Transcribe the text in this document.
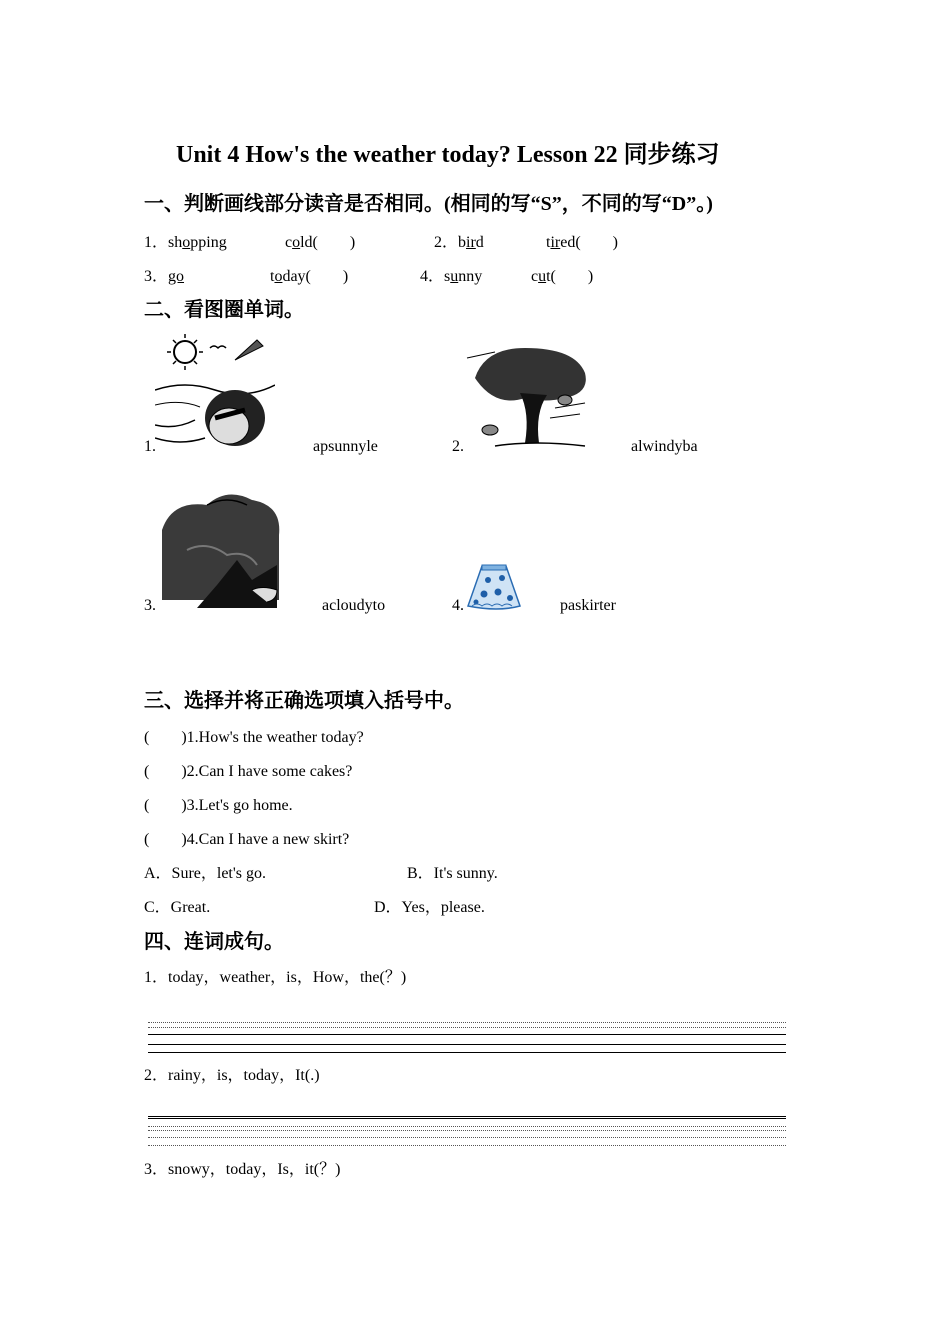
Unit 4 How's the weather today? Lesson 22 同步练习
一、判断画线部分读音是否相同。(相同的写“S”，不同的写“D”。)
1．shopping	cold(　　)	2．bird	tired(　　)
3．go	today(　　)	4．sunny	cut(　　)
二、看图圈单词。
1.	apsunnyle	2.	alwindyba
3.	acloudyto	4.	paskirter
三、选择并将正确选项填入括号中。
(　　)1.How's the weather today?
(　　)2.Can I have some cakes?
(　　)3.Let's go home.
(　　)4.Can I have a new skirt?
A．Sure，let's go.	B．It's sunny.
C．Great.	D．Yes，please.
四、连词成句。
1．today，weather，is，How，the(？)
2．rainy，is，today，It(.)
3．snowy，today，Is，it(？)
